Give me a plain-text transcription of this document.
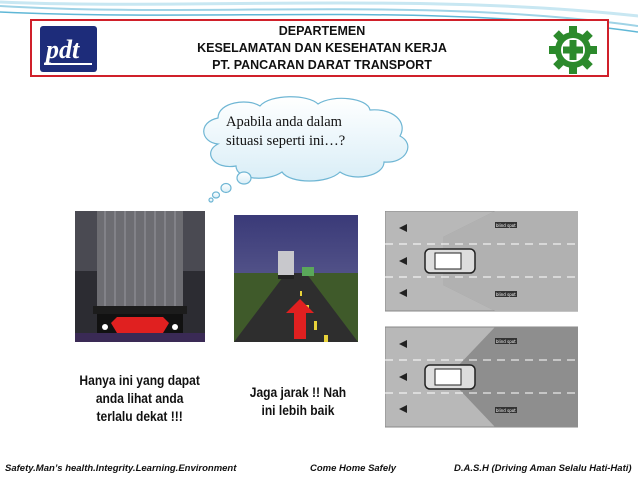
pdt
DEPARTEMEN
KESELAMATAN DAN KESEHATAN KERJA
PT. PANCARAN DARAT TRANSPORT
Apabila anda dalam
situasi seperti ini…?
Hanya ini yang dapat
anda lihat anda
terlalu dekat !!!
Jaga jarak !! Nah
ini lebih baik
blind spot
blind spot
blind spot
blind spot
Safety.Man’s health.Integrity.Learning.Environment	Come Home Safely	D.A.S.H (Driving Aman Selalu Hati-Hati)
